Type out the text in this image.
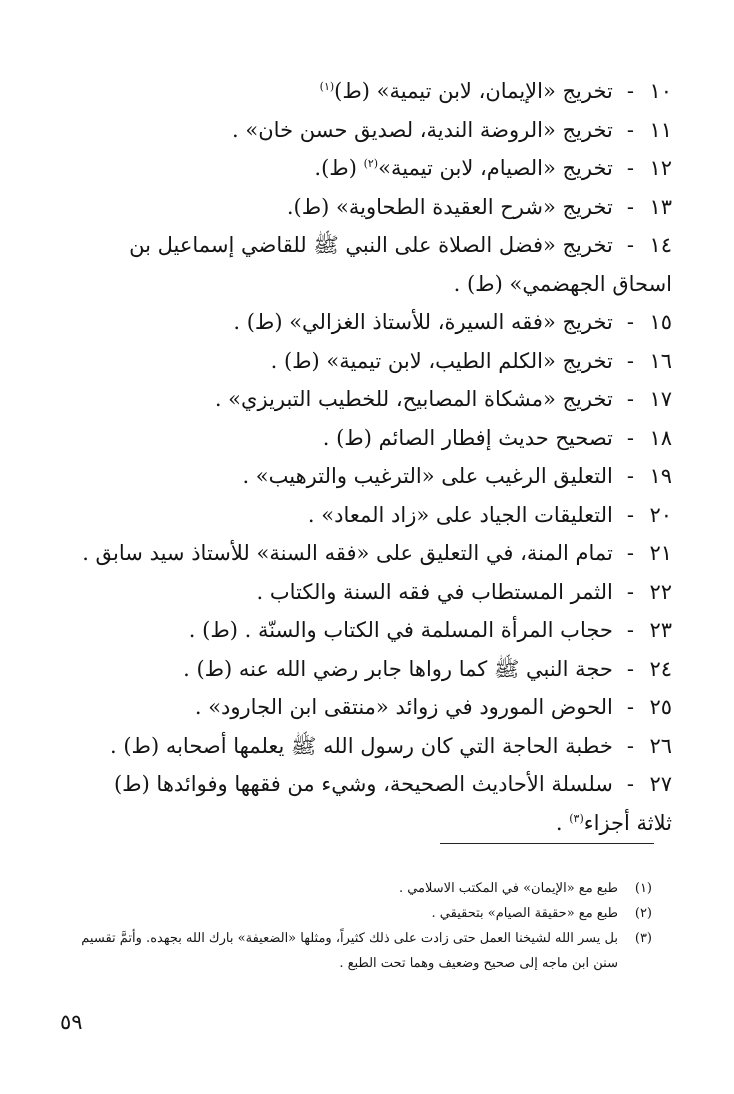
١٠
-
تخريج «الإيمان، لابن تيمية» (ط)$^{(١)}$
١١
-
تخريج «الروضة الندية، لصديق حسن خان» .
١٢
-
تخريج «الصيام، لابن تيمية»$^{(٢)}$ (ط).
١٣
-
تخريج «شرح العقيدة الطحاوية» (ط).
١٤
-
تخريج «فضل الصلاة على النبي ﷺ للقاضي إسماعيل بن
اسحاق الجهضمي» (ط) .
١٥
-
تخريج «فقه السيرة، للأستاذ الغزالي» (ط) .
١٦
-
تخريج «الكلم الطيب، لابن تيمية» (ط) .
١٧
-
تخريج «مشكاة المصابيح، للخطيب التبريزي» .
١٨
-
تصحيح حديث إفطار الصائم (ط) .
١٩
-
التعليق الرغيب على «الترغيب والترهيب» .
٢٠
-
التعليقات الجياد على «زاد المعاد» .
٢١
-
تمام المنة، في التعليق على «فقه السنة» للأستاذ سيد سابق .
٢٢
-
الثمر المستطاب في فقه السنة والكتاب .
٢٣
-
حجاب المرأة المسلمة في الكتاب والسنّة . (ط) .
٢٤
-
حجة النبي ﷺ كما رواها جابر رضي الله عنه (ط) .
٢٥
-
الحوض المورود في زوائد «منتقى ابن الجارود» .
٢٦
-
خطبة الحاجة التي كان رسول الله ﷺ يعلمها أصحابه (ط) .
٢٧
-
سلسلة الأحاديث الصحيحة، وشيء من فقهها وفوائدها (ط)
ثلاثة أجزاء$^{(٣)}$ .
(١)
طبع مع «الإيمان» في المكتب الاسلامي .
(٢)
طبع مع «حقيقة الصيام» بتحقيقي .
(٣)
بل يسر الله لشيخنا العمل حتى زادت على ذلك كثيراً، ومثلها «الضعيفة» بارك الله بجهده. وأتمَّ تقسيم سنن ابن ماجه إلى صحيح وضعيف وهما تحت الطبع .
٥٩
